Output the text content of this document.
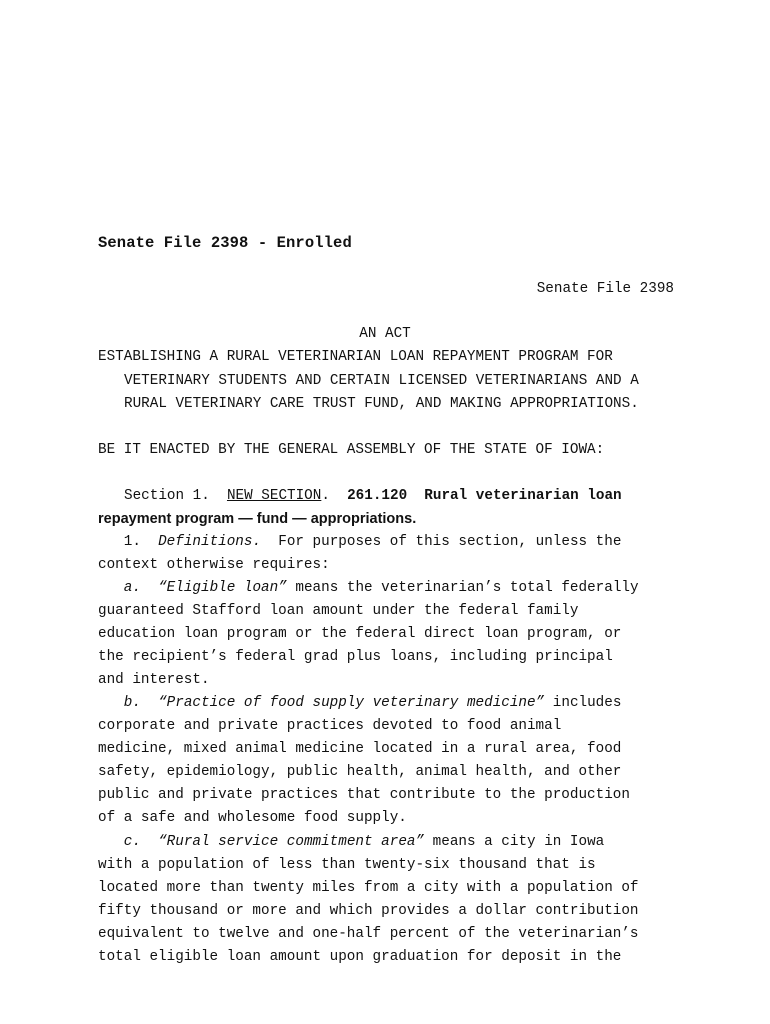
Senate File 2398 - Enrolled
Senate File 2398
AN ACT
ESTABLISHING A RURAL VETERINARIAN LOAN REPAYMENT PROGRAM FOR
VETERINARY STUDENTS AND CERTAIN LICENSED VETERINARIANS AND A
RURAL VETERINARY CARE TRUST FUND, AND MAKING APPROPRIATIONS.
BE IT ENACTED BY THE GENERAL ASSEMBLY OF THE STATE OF IOWA:
Section 1. NEW SECTION.  261.120  Rural veterinarian loan
repayment program — fund — appropriations.
1. Definitions. For purposes of this section, unless the
context otherwise requires:
a. “Eligible loan” means the veterinarian’s total federally
guaranteed Stafford loan amount under the federal family
education loan program or the federal direct loan program, or
the recipient’s federal grad plus loans, including principal
and interest.
b. “Practice of food supply veterinary medicine” includes
corporate and private practices devoted to food animal
medicine, mixed animal medicine located in a rural area, food
safety, epidemiology, public health, animal health, and other
public and private practices that contribute to the production
of a safe and wholesome food supply.
c. “Rural service commitment area” means a city in Iowa
with a population of less than twenty-six thousand that is
located more than twenty miles from a city with a population of
fifty thousand or more and which provides a dollar contribution
equivalent to twelve and one-half percent of the veterinarian’s
total eligible loan amount upon graduation for deposit in the
